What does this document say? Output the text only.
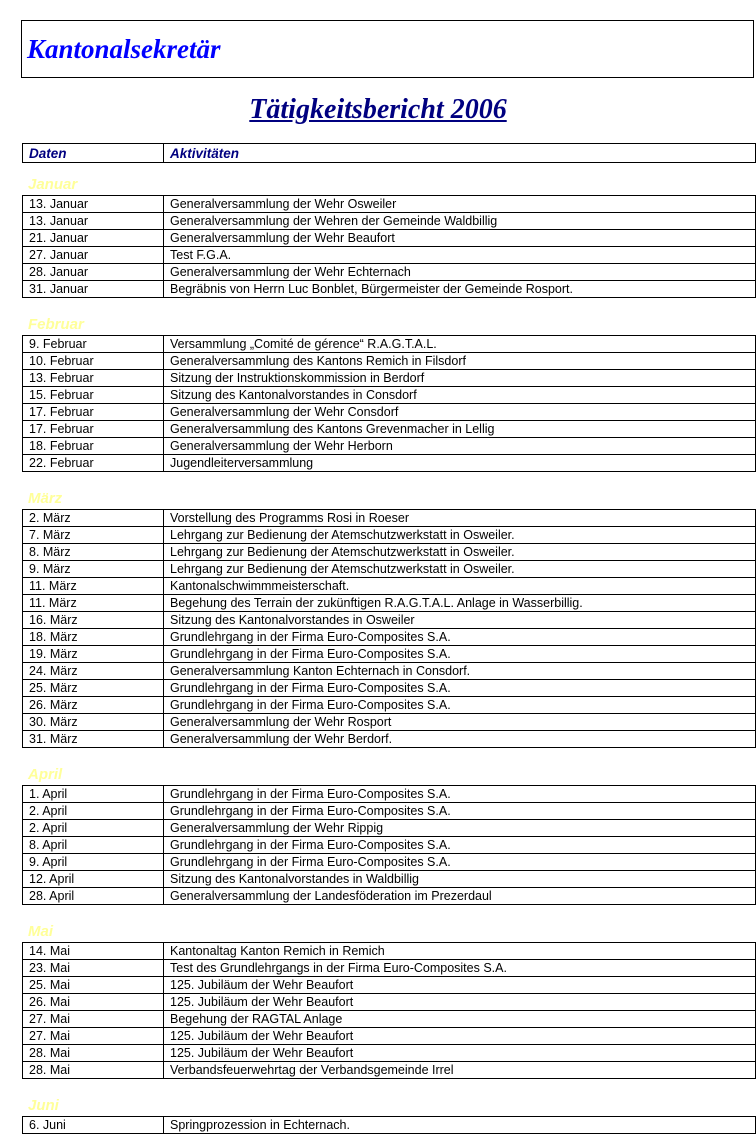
Kantonalsekretär
Tätigkeitsbericht 2006
Daten	Aktivitäten
Januar
13. Januar	Generalversammlung der Wehr Osweiler
13. Januar	Generalversammlung der Wehren der Gemeinde Waldbillig
21. Januar	Generalversammlung der Wehr Beaufort
27. Januar	Test F.G.A.
28. Januar	Generalversammlung der Wehr Echternach
31. Januar	Begräbnis von Herrn Luc Bonblet, Bürgermeister der Gemeinde Rosport.
Februar
9. Februar	Versammlung „Comité de gérence“ R.A.G.T.A.L.
10. Februar	Generalversammlung des Kantons Remich in Filsdorf
13. Februar	Sitzung der Instruktionskommission in Berdorf
15. Februar	Sitzung des Kantonalvorstandes in Consdorf
17. Februar	Generalversammlung der Wehr Consdorf
17. Februar	Generalversammlung des Kantons Grevenmacher in Lellig
18. Februar	Generalversammlung der Wehr Herborn
22. Februar	Jugendleiterversammlung
März
2. März	Vorstellung des Programms Rosi in Roeser
7. März	Lehrgang zur Bedienung der Atemschutzwerkstatt in Osweiler.
8. März	Lehrgang zur Bedienung der Atemschutzwerkstatt in Osweiler.
9. März	Lehrgang zur Bedienung der Atemschutzwerkstatt in Osweiler.
11. März	Kantonalschwimmmeisterschaft.
11. März	Begehung des Terrain der zukünftigen R.A.G.T.A.L. Anlage in Wasserbillig.
16. März	Sitzung des Kantonalvorstandes in Osweiler
18. März	Grundlehrgang in der Firma Euro-Composites S.A.
19. März	Grundlehrgang in der Firma Euro-Composites S.A.
24. März	Generalversammlung Kanton Echternach in Consdorf.
25. März	Grundlehrgang in der Firma Euro-Composites S.A.
26. März	Grundlehrgang in der Firma Euro-Composites S.A.
30. März	Generalversammlung der Wehr Rosport
31. März	Generalversammlung der Wehr Berdorf.
April
1. April	Grundlehrgang in der Firma Euro-Composites S.A.
2. April	Grundlehrgang in der Firma Euro-Composites S.A.
2. April	Generalversammlung der Wehr Rippig
8. April	Grundlehrgang in der Firma Euro-Composites S.A.
9. April	Grundlehrgang in der Firma Euro-Composites S.A.
12. April	Sitzung des Kantonalvorstandes in Waldbillig
28. April	Generalversammlung der Landesföderation im Prezerdaul
Mai
14. Mai	Kantonaltag Kanton Remich in Remich
23. Mai	Test des Grundlehrgangs in der Firma Euro-Composites S.A.
25. Mai	125. Jubiläum der Wehr Beaufort
26. Mai	125. Jubiläum der Wehr Beaufort
27. Mai	Begehung der RAGTAL Anlage
27. Mai	125. Jubiläum der Wehr Beaufort
28. Mai	125. Jubiläum der Wehr Beaufort
28. Mai	Verbandsfeuerwehrtag der Verbandsgemeinde Irrel
Juni
6. Juni	Springprozession in Echternach.
